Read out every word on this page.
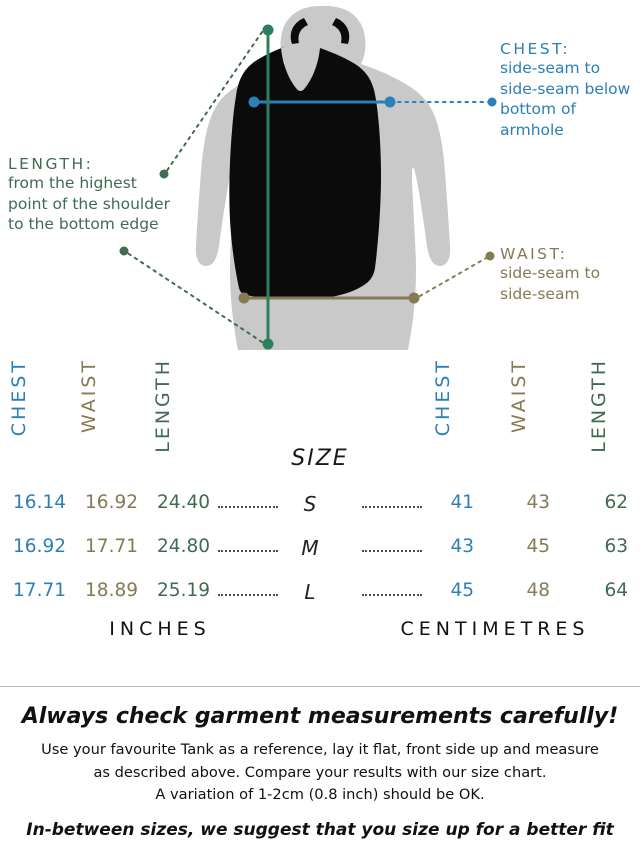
CHEST:
side-seam to side-seam below bottom of armhole
WAIST:
side-seam to side-seam
LENGTH:
from the highest point of the shoulder to the bottom edge
CHEST	WAIST	LENGTH	CHEST	WAIST	LENGTH
SIZE
16.14	16.92	24.40	S	41	43	62
16.92	17.71	24.80	M	43	45	63
17.71	18.89	25.19	L	45	48	64
INCHES	CENTIMETRES
Always check garment measurements carefully!
Use your favourite Tank as a reference, lay it flat, front side up and measure
as described above. Compare your results with our size chart.
A variation of 1-2cm (0.8 inch) should be OK.
In-between sizes, we suggest that you size up for a better fit
